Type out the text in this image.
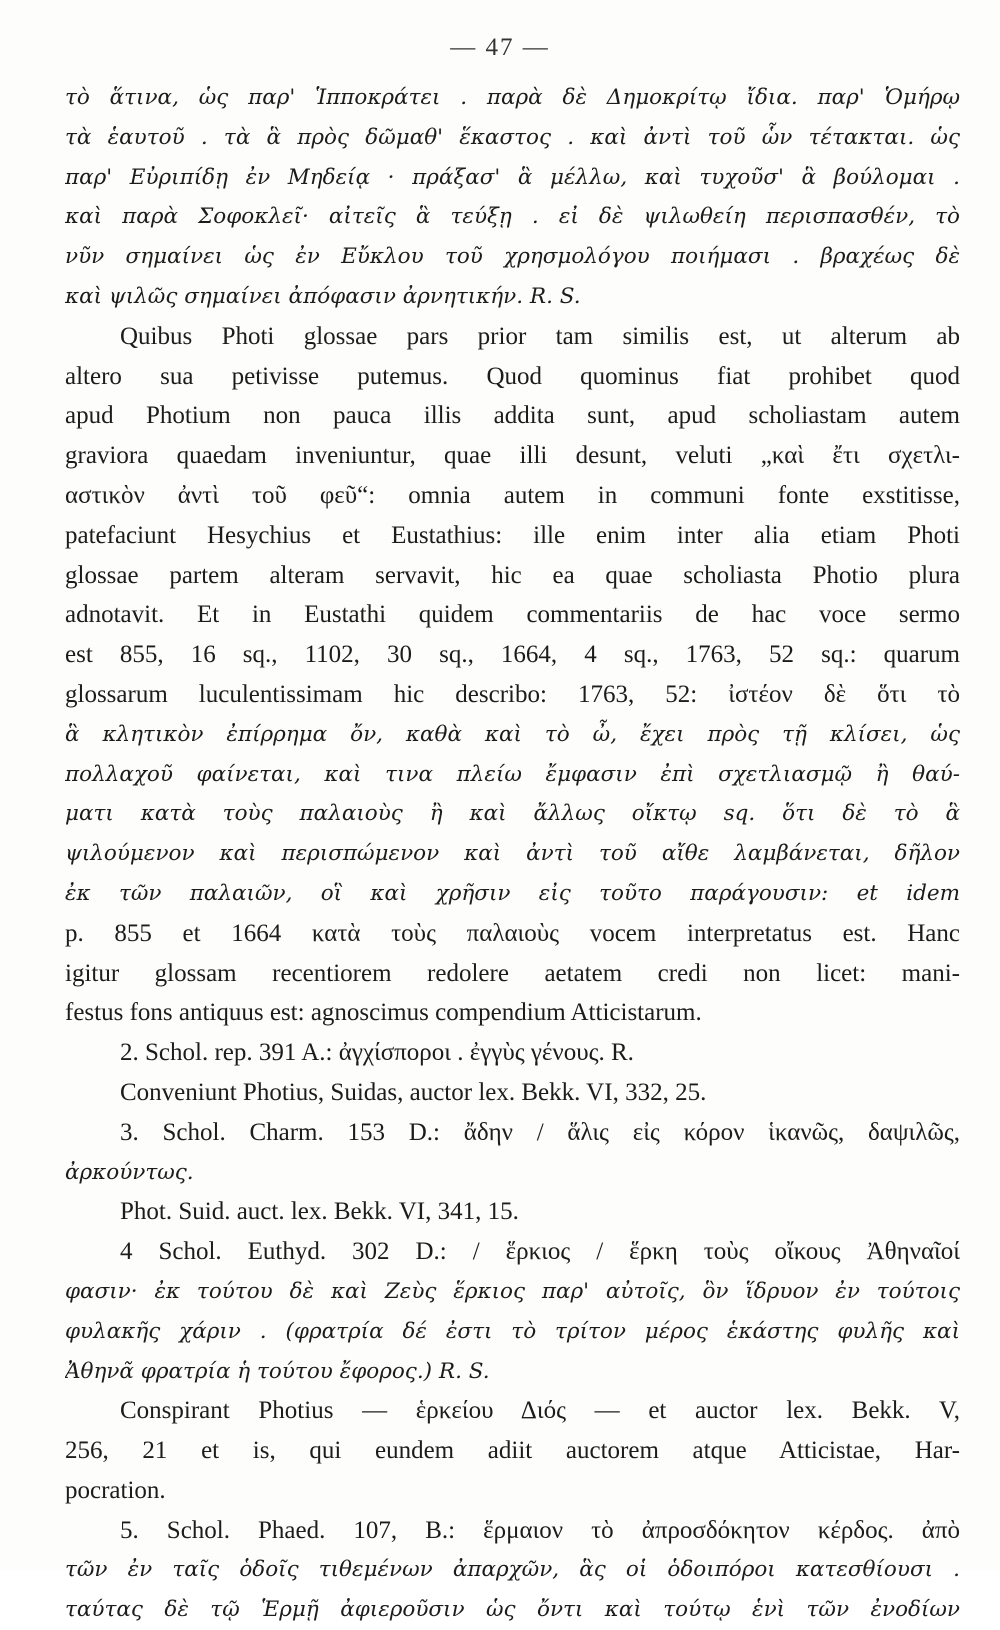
— 47 —
τὸ ἅτινα, ὡς παρ' Ἱπποκράτει . παρὰ δὲ Δημοκρίτῳ ἴδια. παρ' Ὁμήρῳ
τὰ ἑαυτοῦ . τὰ ἃ πρὸς δῶμαθ' ἕκαστος . καὶ ἀντὶ τοῦ ὧν τέτακται. ὡς
παρ' Εὐριπίδῃ ἐν Μηδείᾳ · πράξασ' ἃ μέλλω, καὶ τυχοῦσ' ἃ βούλομαι .
καὶ παρὰ Σοφοκλεῖ· αἰτεῖς ἃ τεύξῃ . εἰ δὲ ψιλωθείη περισπασθέν, τὸ
νῦν σημαίνει ὡς ἐν Εὔκλου τοῦ χρησμολόγου ποιήμασι . βραχέως δὲ
καὶ ψιλῶς σημαίνει ἀπόφασιν ἀρνητικήν. R. S.
Quibus Photi glossae pars prior tam similis est, ut alterum ab
altero sua petivisse putemus. Quod quominus fiat prohibet quod
apud Photium non pauca illis addita sunt, apud scholiastam autem
graviora quaedam inveniuntur, quae illi desunt, veluti „καὶ ἔτι σχετλι-
αστικὸν ἀντὶ τοῦ φεῦ“: omnia autem in communi fonte exstitisse,
patefaciunt Hesychius et Eustathius: ille enim inter alia etiam Photi
glossae partem alteram servavit, hic ea quae scholiasta Photio plura
adnotavit. Et in Eustathi quidem commentariis de hac voce sermo
est 855, 16 sq., 1102, 30 sq., 1664, 4 sq., 1763, 52 sq.: quarum
glossarum luculentissimam hic describo: 1763, 52: ἰστέον δὲ ὅτι τὸ
ἃ κλητικὸν ἐπίρρημα ὄν, καθὰ καὶ τὸ ὦ, ἔχει πρὸς τῇ κλίσει, ὡς
πολλαχοῦ φαίνεται, καὶ τινα πλείω ἔμφασιν ἐπὶ σχετλιασμῷ ἢ θαύ-
ματι κατὰ τοὺς παλαιοὺς ἢ καὶ ἄλλως οἴκτῳ sq. ὅτι δὲ τὸ ἃ
ψιλούμενον καὶ περισπώμενον καὶ ἀντὶ τοῦ αἴθε λαμβάνεται, δῆλον
ἐκ τῶν παλαιῶν, οἳ καὶ χρῆσιν εἰς τοῦτο παράγουσιν: et idem
p. 855 et 1664 κατὰ τοὺς παλαιοὺς vocem interpretatus est. Hanc
igitur glossam recentiorem redolere aetatem credi non licet: mani-
festus fons antiquus est: agnoscimus compendium Atticistarum.
2. Schol. rep. 391 A.: ἀγχίσποροι . ἐγγὺς γένους. R.
Conveniunt Photius, Suidas, auctor lex. Bekk. VI, 332, 25.
3. Schol. Charm. 153 D.: ἄδην / ἅλις εἰς κόρον ἱκανῶς, δαψιλῶς,
ἀρκούντως.
Phot. Suid. auct. lex. Bekk. VI, 341, 15.
4 Schol. Euthyd. 302 D.: / ἕρκιος / ἕρκη τοὺς οἴκους Ἀθηναῖοί
φασιν· ἐκ τούτου δὲ καὶ Ζεὺς ἕρκιος παρ' αὐτοῖς, ὃν ἵδρυον ἐν τούτοις
φυλακῆς χάριν . (φρατρία δέ ἐστι τὸ τρίτον μέρος ἑκάστης φυλῆς καὶ
Ἀθηνᾶ φρατρία ἡ τούτου ἔφορος.) R. S.
Conspirant Photius — ἑρκείου Διός — et auctor lex. Bekk. V,
256, 21 et is, qui eundem adiit auctorem atque Atticistae, Har-
pocration.
5. Schol. Phaed. 107, B.: ἕρμαιον τὸ ἀπροσδόκητον κέρδος. ἀπὸ
τῶν ἐν ταῖς ὁδοῖς τιθεμένων ἀπαρχῶν, ἃς οἱ ὁδοιπόροι κατεσθίουσι .
ταύτας δὲ τῷ Ἑρμῇ ἀφιεροῦσιν ὡς ὄντι καὶ τούτῳ ἑνὶ τῶν ἐνοδίων
